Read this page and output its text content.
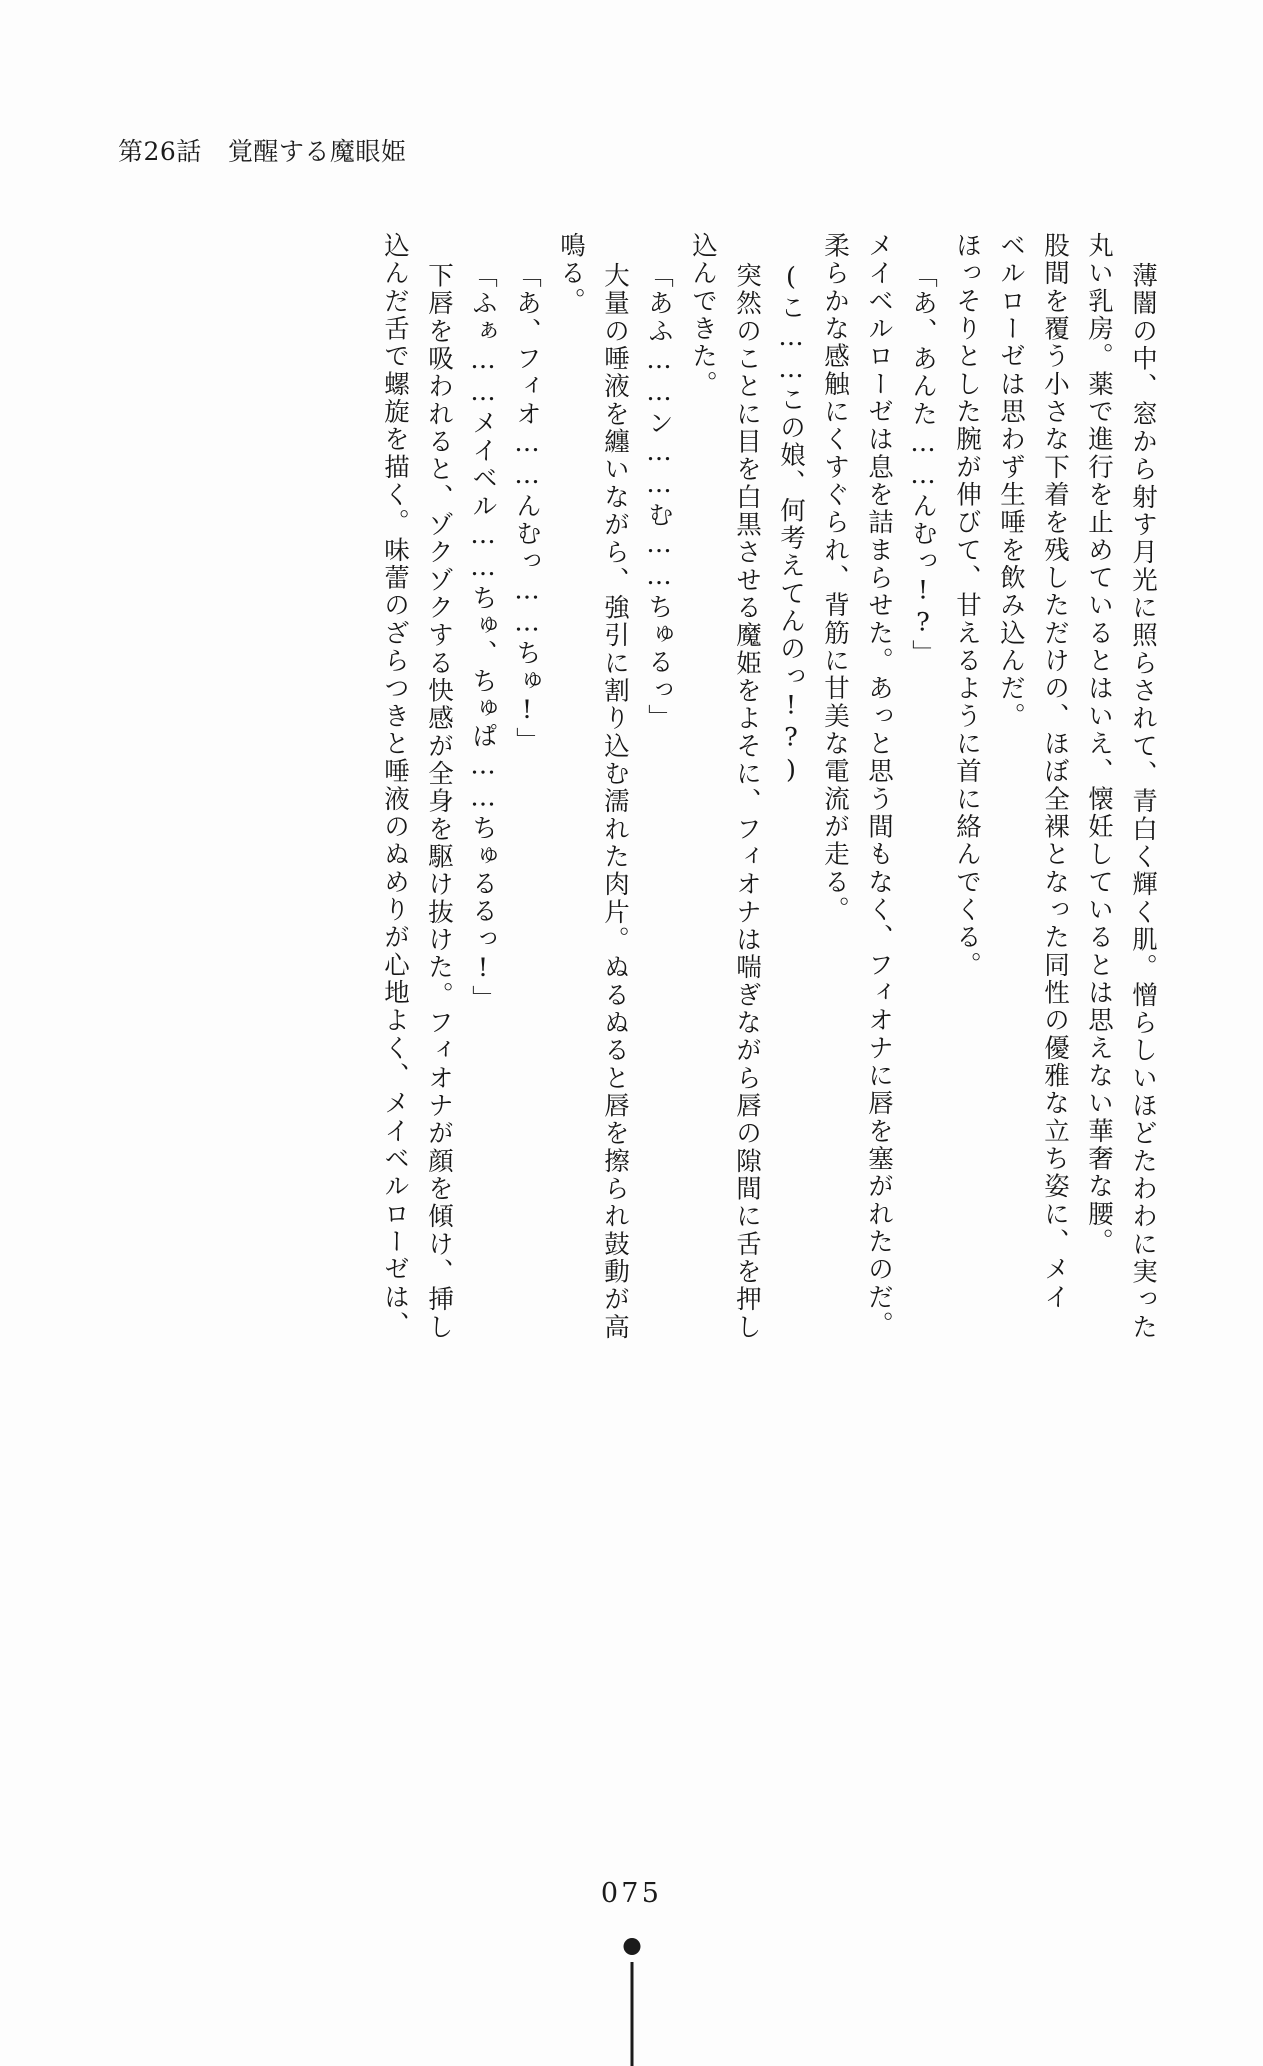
第26話 覚醒する魔眼姫
薄闇の中、窓から射す月光に照らされて、青白く輝く肌。憎らしいほどたわわに実った
丸い乳房。薬で進行を止めているとはいえ、懐妊しているとは思えない華奢な腰。
股間を覆う小さな下着を残しただけの、ほぼ全裸となった同性の優雅な立ち姿に、メイ
ベルローゼは思わず生唾を飲み込んだ。
ほっそりとした腕が伸びて、甘えるように首に絡んでくる。
「あ、あんた……んむっ!?」
メイベルローゼは息を詰まらせた。あっと思う間もなく、フィオナに唇を塞がれたのだ。
柔らかな感触にくすぐられ、背筋に甘美な電流が走る。
(こ……この娘、何考えてんのっ!?)
突然のことに目を白黒させる魔姫をよそに、フィオナは喘ぎながら唇の隙間に舌を押し
込んできた。
「あふ……ン……む……ちゅるっ」
大量の唾液を纏いながら、強引に割り込む濡れた肉片。ぬるぬると唇を擦られ鼓動が高
鳴る。
「あ、フィオ……んむっ……ちゅ!」
「ふぁ……メイベル……ちゅ、ちゅぱ……ちゅるるっ!」
下唇を吸われると、ゾクゾクする快感が全身を駆け抜けた。フィオナが顔を傾け、挿し
込んだ舌で螺旋を描く。味蕾のざらつきと唾液のぬめりが心地よく、メイベルローゼは、
075
